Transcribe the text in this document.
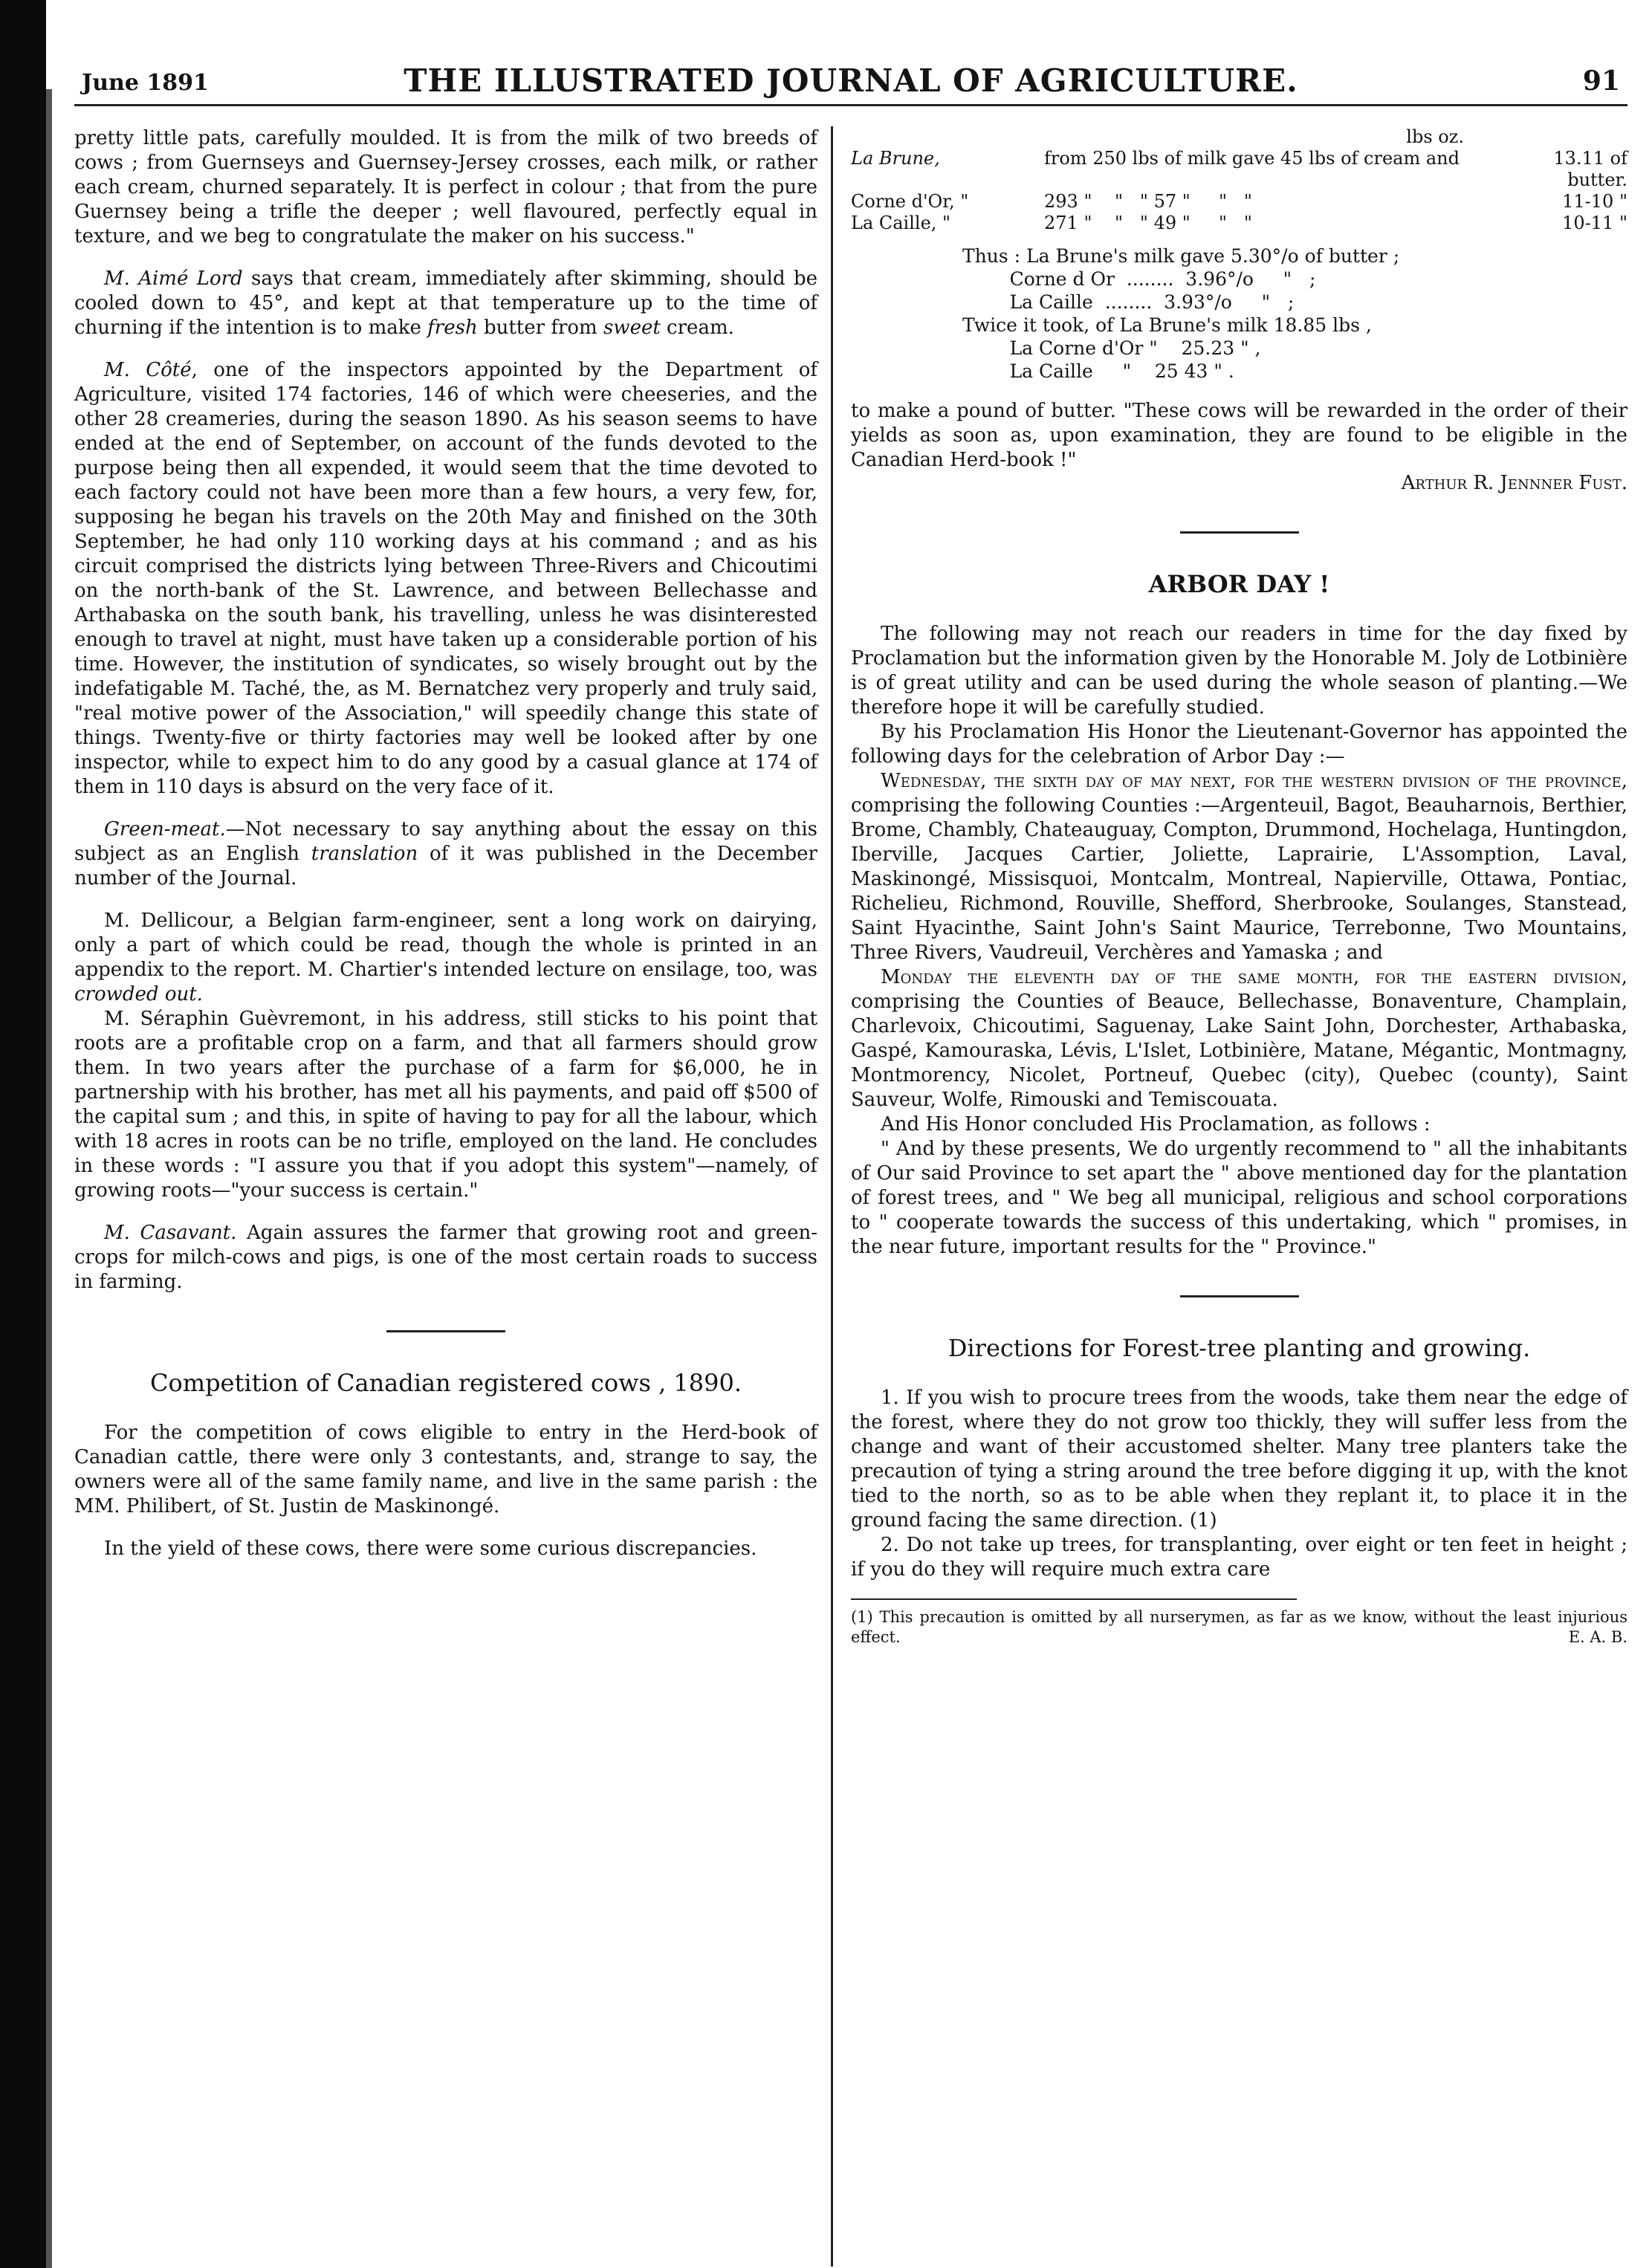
June 1891	THE ILLUSTRATED JOURNAL OF AGRICULTURE.	91

pretty little pats, carefully moulded. It is from the milk of two breeds of cows ; from Guernseys and Guernsey-Jersey crosses, each milk, or rather each cream, churned separately. It is perfect in colour ; that from the pure Guernsey being a trifle the deeper ; well flavoured, perfectly equal in texture, and we beg to congratulate the maker on his success."

M. Aimé Lord says that cream, immediately after skimming, should be cooled down to 45°, and kept at that temperature up to the time of churning if the intention is to make fresh butter from sweet cream.

M. Côté, one of the inspectors appointed by the Department of Agriculture, visited 174 factories, 146 of which were cheeseries, and the other 28 creameries, during the season 1890. As his season seems to have ended at the end of September, on account of the funds devoted to the purpose being then all expended, it would seem that the time devoted to each factory could not have been more than a few hours, a very few, for, supposing he began his travels on the 20th May and finished on the 30th September, he had only 110 working days at his command ; and as his circuit comprised the districts lying between Three-Rivers and Chicoutimi on the north-bank of the St. Lawrence, and between Bellechasse and Arthabaska on the south bank, his travelling, unless he was disinterested enough to travel at night, must have taken up a considerable portion of his time. However, the institution of syndicates, so wisely brought out by the indefatigable M. Taché, the, as M. Bernatchez very properly and truly said, "real motive power of the Association," will speedily change this state of things. Twenty-five or thirty factories may well be looked after by one inspector, while to expect him to do any good by a casual glance at 174 of them in 110 days is absurd on the very face of it.

Green-meat.—Not necessary to say anything about the essay on this subject as an English translation of it was published in the December number of the Journal.

M. Dellicour, a Belgian farm-engineer, sent a long work on dairying, only a part of which could be read, though the whole is printed in an appendix to the report. M. Chartier's intended lecture on ensilage, too, was crowded out.

M. Séraphin Guèvremont, in his address, still sticks to his point that roots are a profitable crop on a farm, and that all farmers should grow them. In two years after the purchase of a farm for $6,000, he in partnership with his brother, has met all his payments, and paid off $500 of the capital sum ; and this, in spite of having to pay for all the labour, which with 18 acres in roots can be no trifle, employed on the land. He concludes in these words : "I assure you that if you adopt this system"—namely, of growing roots—"your success is certain."

M. Casavant. Again assures the farmer that growing root and green-crops for milch-cows and pigs, is one of the most certain roads to success in farming.

Competition of Canadian registered cows , 1890.

For the competition of cows eligible to entry in the Herd-book of Canadian cattle, there were only 3 contestants, and, strange to say, the owners were all of the same family name, and live in the same parish : the MM. Philibert, of St. Justin de Maskinongé.

In the yield of these cows, there were some curious discrepancies.

lbs oz.
La Brune,	from 250 lbs of milk gave 45 lbs of cream and	13.11 of butter.
Corne d'Or, "	293 "    "   " 57 "     "   "	11-10 "
La Caille, "	271 "    "   " 49 "     "   "	10-11 "
Thus : La Brune's milk gave 5.30°/o of butter ;
Corne d Or  ........  3.96°/o     "   ;
La Caille  ........  3.93°/o     "   ;
Twice it took, of La Brune's milk 18.85 lbs ,
La Corne d'Or "    25.23 " ,
La Caille     "    25 43 " .

to make a pound of butter. "These cows will be rewarded in the order of their yields as soon as, upon examination, they are found to be eligible in the Canadian Herd-book !"

Arthur R. Jennner Fust.
ARBOR DAY !

The following may not reach our readers in time for the day fixed by Proclamation but the information given by the Honorable M. Joly de Lotbinière is of great utility and can be used during the whole season of planting.—We therefore hope it will be carefully studied.

By his Proclamation His Honor the Lieutenant-Governor has appointed the following days for the celebration of Arbor Day :—

Wednesday, the sixth day of may next, for the western division of the province, comprising the following Counties :—Argenteuil, Bagot, Beauharnois, Berthier, Brome, Chambly, Chateauguay, Compton, Drummond, Hochelaga, Huntingdon, Iberville, Jacques Cartier, Joliette, Laprairie, L'Assomption, Laval, Maskinongé, Missisquoi, Montcalm, Montreal, Napierville, Ottawa, Pontiac, Richelieu, Richmond, Rouville, Shefford, Sherbrooke, Soulanges, Stanstead, Saint Hyacinthe, Saint John's Saint Maurice, Terrebonne, Two Mountains, Three Rivers, Vaudreuil, Verchères and Yamaska ; and

Monday the eleventh day of the same month, for the eastern division, comprising the Counties of Beauce, Bellechasse, Bonaventure, Champlain, Charlevoix, Chicoutimi, Saguenay, Lake Saint John, Dorchester, Arthabaska, Gaspé, Kamouraska, Lévis, L'Islet, Lotbinière, Matane, Mégantic, Montmagny, Montmorency, Nicolet, Portneuf, Quebec (city), Quebec (county), Saint Sauveur, Wolfe, Rimouski and Temiscouata.

And His Honor concluded His Proclamation, as follows :

" And by these presents, We do urgently recommend to " all the inhabitants of Our said Province to set apart the " above mentioned day for the plantation of forest trees, and " We beg all municipal, religious and school corporations to " cooperate towards the success of this undertaking, which " promises, in the near future, important results for the " Province."

Directions for Forest-tree planting and growing.

1. If you wish to procure trees from the woods, take them near the edge of the forest, where they do not grow too thickly, they will suffer less from the change and want of their accustomed shelter. Many tree planters take the precaution of tying a string around the tree before digging it up, with the knot tied to the north, so as to be able when they replant it, to place it in the ground facing the same direction. (1)

2. Do not take up trees, for transplanting, over eight or ten feet in height ; if you do they will require much extra care

(1) This precaution is omitted by all nurserymen, as far as we know, without the least injurious effect.	E. A. B.
